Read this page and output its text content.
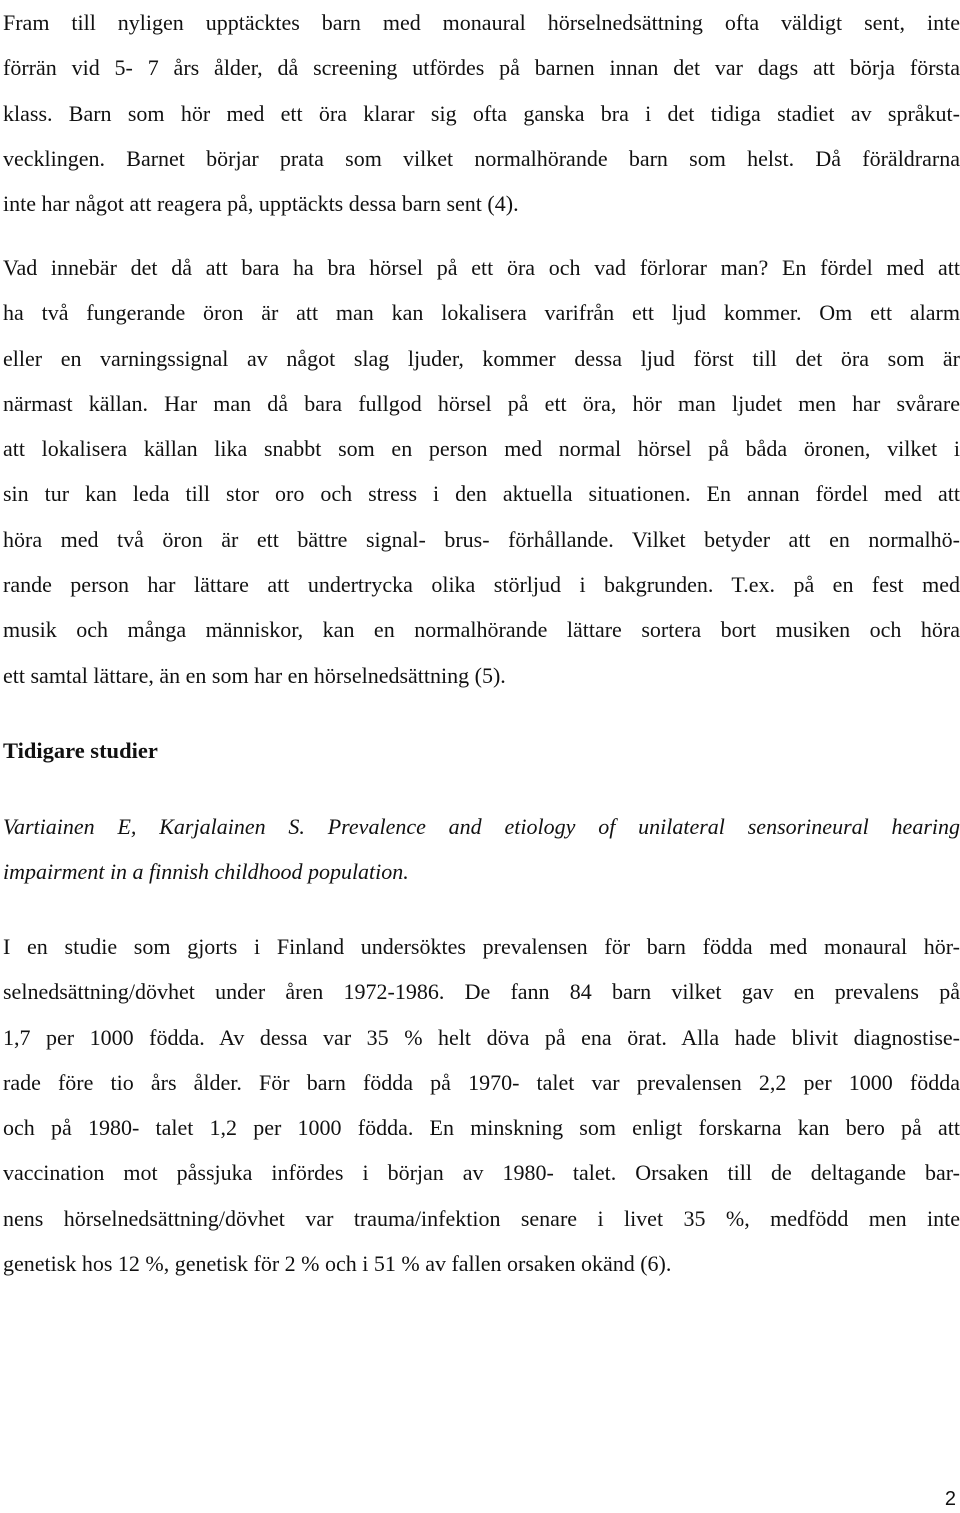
Fram till nyligen upptäcktes barn med monaural hörselnedsättning ofta väldigt sent, inte
förrän vid 5- 7 års ålder, då screening utfördes på barnen innan det var dags att börja första
klass. Barn som hör med ett öra klarar sig ofta ganska bra i det tidiga stadiet av språkut-
vecklingen. Barnet börjar prata som vilket normalhörande barn som helst. Då föräldrarna
inte har något att reagera på, upptäckts dessa barn sent (4).
Vad innebär det då att bara ha bra hörsel på ett öra och vad förlorar man? En fördel med att
ha två fungerande öron är att man kan lokalisera varifrån ett ljud kommer. Om ett alarm
eller en varningssignal av något slag ljuder, kommer dessa ljud först till det öra som är
närmast källan. Har man då bara fullgod hörsel på ett öra, hör man ljudet men har svårare
att lokalisera källan lika snabbt som en person med normal hörsel på båda öronen, vilket i
sin tur kan leda till stor oro och stress i den aktuella situationen. En annan fördel med att
höra med två öron är ett bättre signal- brus- förhållande. Vilket betyder att en normalhö-
rande person har lättare att undertrycka olika störljud i bakgrunden. T.ex. på en fest med
musik och många människor, kan en normalhörande lättare sortera bort musiken och höra
ett samtal lättare, än en som har en hörselnedsättning (5).
Tidigare studier
Vartiainen E, Karjalainen S. Prevalence and etiology of unilateral sensorineural hearing
impairment in a finnish childhood population.
I en studie som gjorts i Finland undersöktes prevalensen för barn födda med monaural hör-
selnedsättning/dövhet under åren 1972-1986. De fann 84 barn vilket gav en prevalens på
1,7 per 1000 födda. Av dessa var 35 % helt döva på ena örat. Alla hade blivit diagnostise-
rade före tio års ålder. För barn födda på 1970- talet var prevalensen 2,2 per 1000 födda
och på 1980- talet 1,2 per 1000 födda. En minskning som enligt forskarna kan bero på att
vaccination mot påssjuka infördes i början av 1980- talet. Orsaken till de deltagande bar-
nens hörselnedsättning/dövhet var trauma/infektion senare i livet 35 %, medfödd men inte
genetisk hos 12 %, genetisk för 2 % och i 51 % av fallen orsaken okänd (6).
2
